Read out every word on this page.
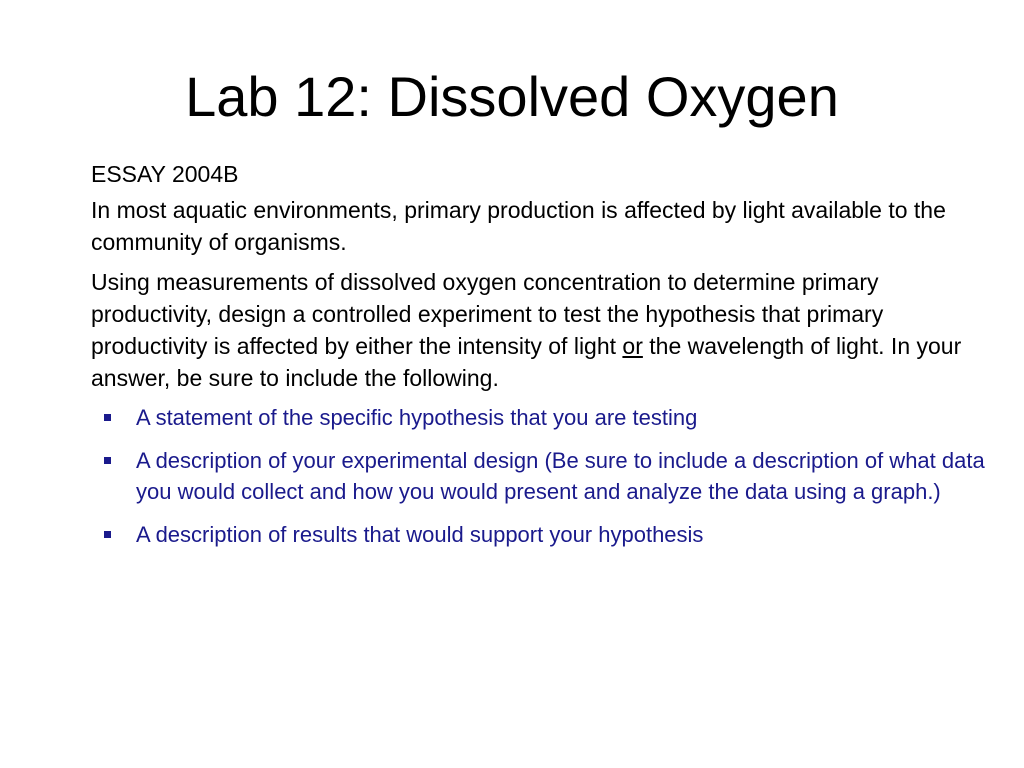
Lab 12: Dissolved Oxygen

ESSAY 2004B

In most aquatic environments, primary production is affected by light available to the community of organisms.

Using measurements of dissolved oxygen concentration to determine primary productivity, design a controlled experiment to test the hypothesis that primary productivity is affected by either the intensity of light or the wavelength of light. In your answer, be sure to include the following.

A statement of the specific hypothesis that you are testing
A description of your experimental design (Be sure to include a description of what data you would collect and how you would present and analyze the data using a graph.)
A description of results that would support your hypothesis
